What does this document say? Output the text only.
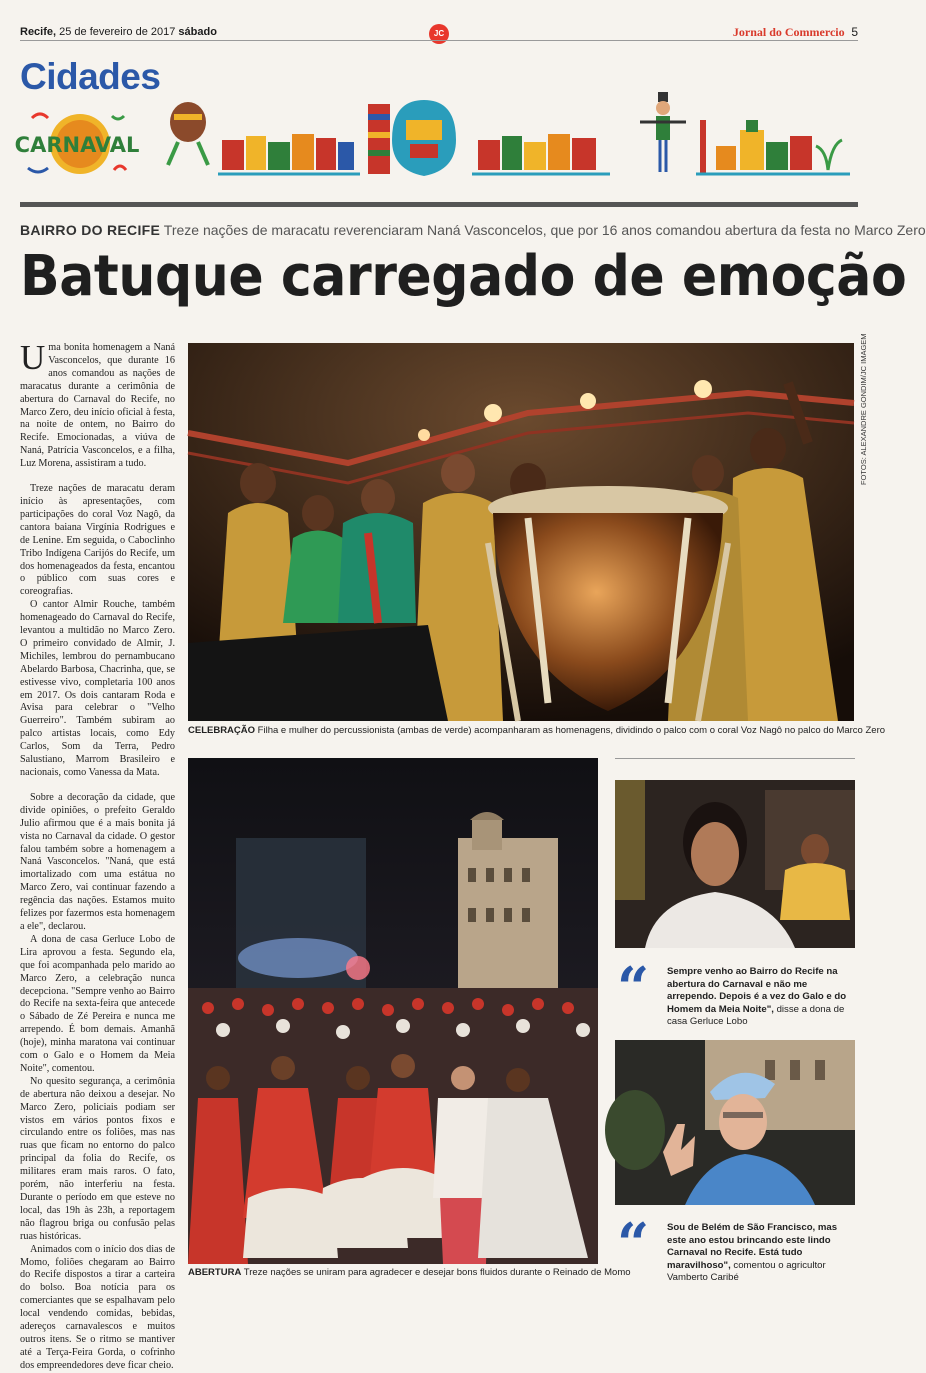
Recife, 25 de fevereiro de 2017 sábado	JC	Jornal do Commercio 5
Cidades
CARNAVAL
BAIRRO DO RECIFE Treze nações de maracatu reverenciaram Naná Vasconcelos, que por 16 anos comandou abertura da festa no Marco Zero
Batuque carregado de emoção

Uma bonita homenagem a Naná Vasconcelos, que durante 16 anos comandou as nações de maracatus durante a cerimônia de abertura do Carnaval do Recife, no Marco Zero, deu início oficial à festa, na noite de ontem, no Bairro do Recife. Emocionadas, a viúva de Naná, Patrícia Vasconcelos, e a filha, Luz Morena, assistiram a tudo.

Treze nações de maracatu deram início às apresentações, com participações do coral Voz Nagô, da cantora baiana Virgínia Rodrigues e de Lenine. Em seguida, o Caboclinho Tribo Indígena Carijós do Recife, um dos homenageados da festa, encantou o público com suas cores e coreografias.

O cantor Almir Rouche, também homenageado do Carnaval do Recife, levantou a multidão no Marco Zero. O primeiro convidado de Almir, J. Michiles, lembrou do pernambucano Abelardo Barbosa, Chacrinha, que, se estivesse vivo, completaria 100 anos em 2017. Os dois cantaram Roda e Avisa para celebrar o "Velho Guerreiro". Também subiram ao palco artistas locais, como Edy Carlos, Som da Terra, Pedro Salustiano, Marrom Brasileiro e nacionais, como Vanessa da Mata.

Sobre a decoração da cidade, que divide opiniões, o prefeito Geraldo Julio afirmou que é a mais bonita já vista no Carnaval da cidade. O gestor falou também sobre a homenagem a Naná Vasconcelos. "Naná, que está imortalizado com uma estátua no Marco Zero, vai continuar fazendo a regência das nações. Estamos muito felizes por fazermos esta homenagem a ele", declarou.

A dona de casa Gerluce Lobo de Lira aprovou a festa. Segundo ela, que foi acompanhada pelo marido ao Marco Zero, a celebração nunca decepciona. "Sempre venho ao Bairro do Recife na sexta-feira que antecede o Sábado de Zé Pereira e nunca me arrependo. É bom demais. Amanhã (hoje), minha maratona vai continuar com o Galo e o Homem da Meia Noite", comentou.

No quesito segurança, a cerimônia de abertura não deixou a desejar. No Marco Zero, policiais podiam ser vistos em vários pontos fixos e circulando entre os foliões, mas nas ruas que ficam no entorno do palco principal da folia do Recife, os militares eram mais raros. O fato, porém, não interferiu na festa. Durante o período em que esteve no local, das 19h às 23h, a reportagem não flagrou briga ou confusão pelas ruas históricas.

Animados com o início dos dias de Momo, foliões chegaram ao Bairro do Recife dispostos a tirar a carteira do bolso. Boa notícia para os comerciantes que se espalhavam pelo local vendendo comidas, bebidas, adereços carnavalescos e muitos outros itens. Se o ritmo se mantiver até a Terça-Feira Gorda, o cofrinho dos empreendedores deve ficar cheio.

FOTOS: ALEXANDRE GONDIM/JC IMAGEM
CELEBRAÇÃO Filha e mulher do percussionista (ambas de verde) acompanharam as homenagens, dividindo o palco com o coral Voz Nagô no palco do Marco Zero
ABERTURA Treze nações se uniram para agradecer e desejar bons fluidos durante o Reinado de Momo
“ Sempre venho ao Bairro do Recife na abertura do Carnaval e não me arrependo. Depois é a vez do Galo e do Homem da Meia Noite", disse a dona de casa Gerluce Lobo
“ Sou de Belém de São Francisco, mas este ano estou brincando este lindo Carnaval no Recife. Está tudo maravilhoso", comentou o agricultor Vamberto Caribé
